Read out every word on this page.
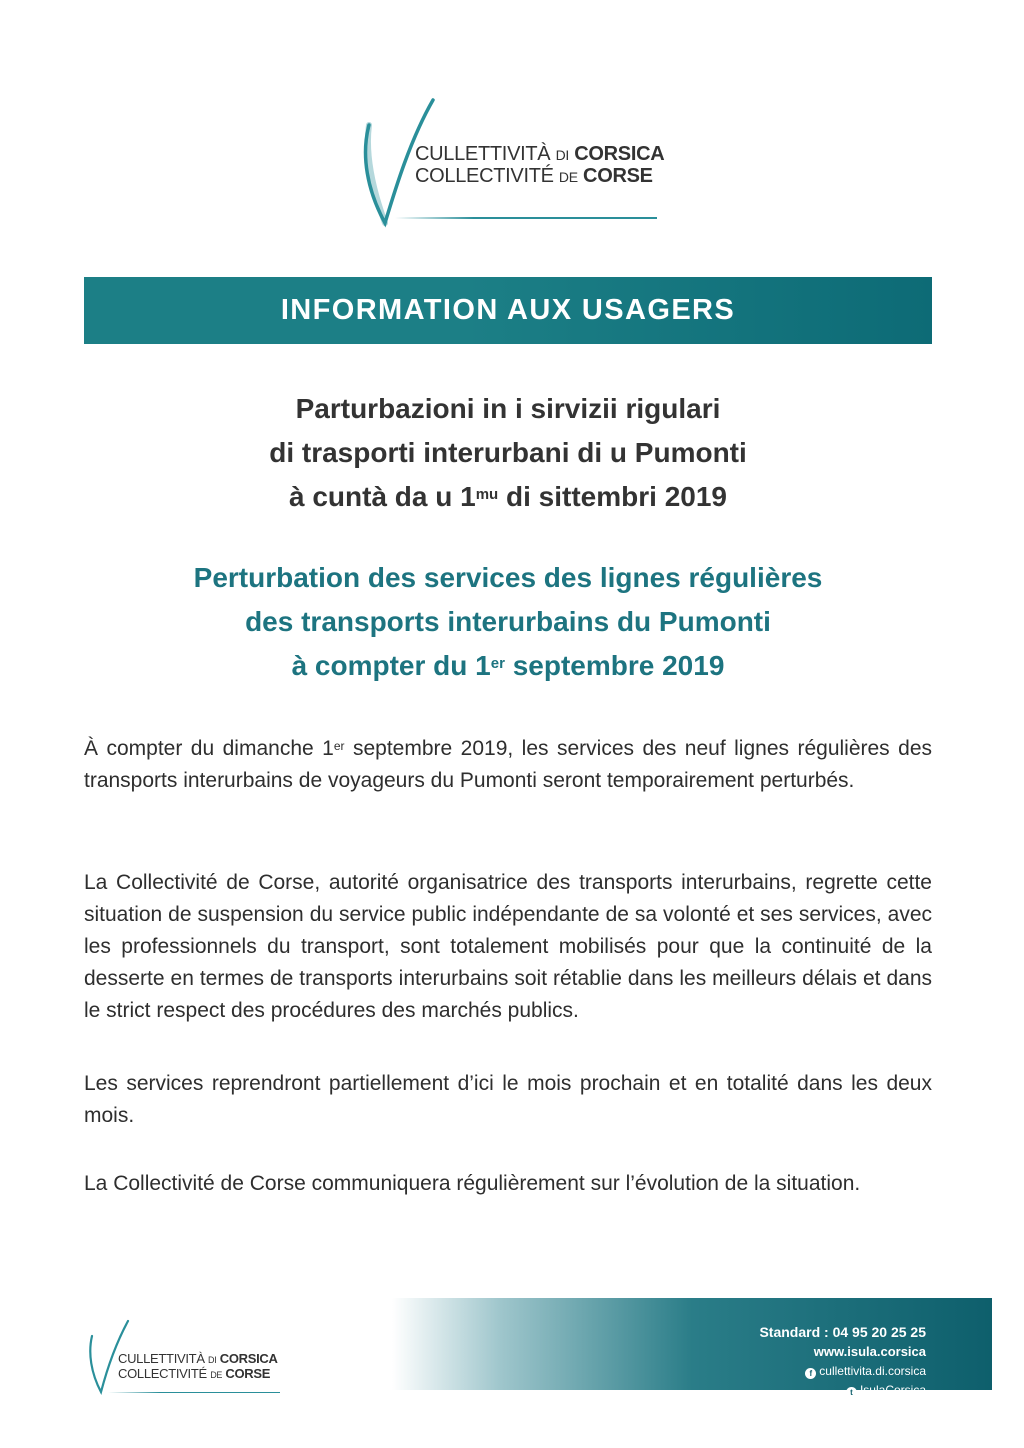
CULLETTIVITÀ DI CORSICA
COLLECTIVITÉ DE CORSE
INFORMATION AUX USAGERS
Parturbazioni in i sirvizii rigulari
di trasporti interurbani di u Pumonti
à cuntà da u $1^{mu}$ di sittembri 2019
Perturbation des services des lignes régulières
des transports interurbains du Pumonti
à compter du 1er septembre 2019
À compter du dimanche 1er septembre 2019, les services des neuf lignes régulières des transports interurbains de voyageurs du Pumonti seront temporairement perturbés.
La Collectivité de Corse, autorité organisatrice des transports interurbains, regrette cette situation de suspension du service public indépendante de sa volonté et ses services, avec les professionnels du transport, sont totalement mobilisés pour que la continuité de la desserte en termes de transports interurbains soit rétablie dans les meilleurs délais et dans le strict respect des procédures des marchés publics.
Les services reprendront partiellement d’ici le mois prochain et en totalité dans les deux mois.
La Collectivité de Corse communiquera régulièrement sur l’évolution de la situation.
Standard : 04 95 20 25 25
www.isula.corsica
f cullettivita.di.corsica
t IsulaCorsica
CULLETTIVITÀ DI CORSICA
COLLECTIVITÉ DE CORSE
